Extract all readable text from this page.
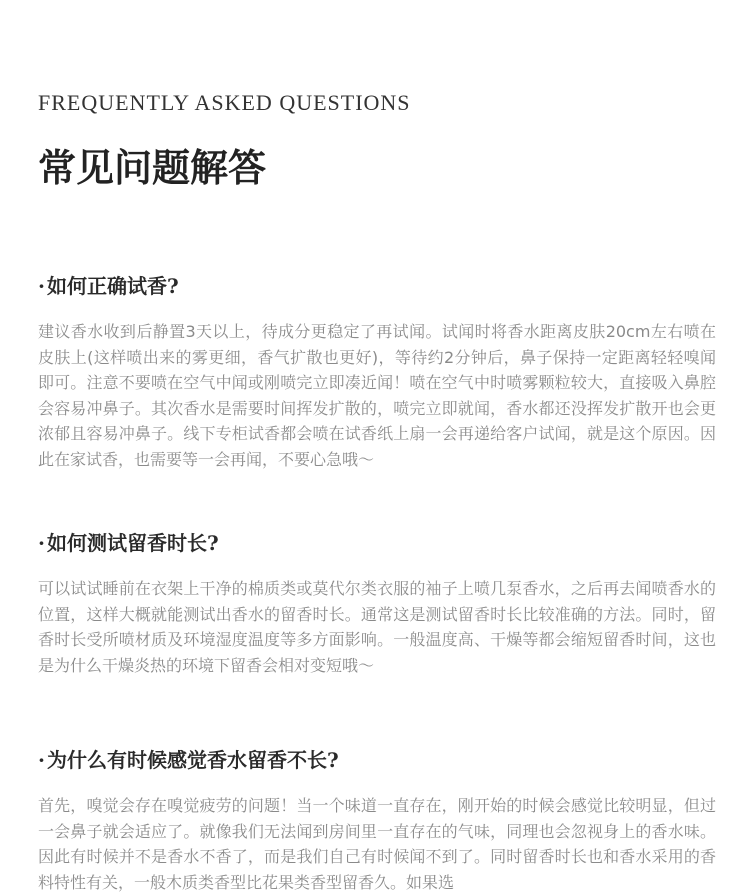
FREQUENTLY ASKED QUESTIONS
常见问题解答
· 如何正确试香?

建议香水收到后静置3天以上，待成分更稳定了再试闻。试闻时将香水距离皮肤20cm左右喷在皮肤上(这样喷出来的雾更细，香气扩散也更好)，等待约2分钟后，鼻子保持一定距离轻轻嗅闻即可。注意不要喷在空气中闻或刚喷完立即凑近闻！喷在空气中时喷雾颗粒较大，直接吸入鼻腔会容易冲鼻子。其次香水是需要时间挥发扩散的，喷完立即就闻，香水都还没挥发扩散开也会更浓郁且容易冲鼻子。线下专柜试香都会喷在试香纸上扇一会再递给客户试闻，就是这个原因。因此在家试香，也需要等一会再闻，不要心急哦～

· 如何测试留香时长?

可以试试睡前在衣架上干净的棉质类或莫代尔类衣服的袖子上喷几泵香水，之后再去闻喷香水的位置，这样大概就能测试出香水的留香时长。通常这是测试留香时长比较准确的方法。同时，留香时长受所喷材质及环境湿度温度等多方面影响。一般温度高、干燥等都会缩短留香时间，这也是为什么干燥炎热的环境下留香会相对变短哦～

· 为什么有时候感觉香水留香不长?

首先，嗅觉会存在嗅觉疲劳的问题！当一个味道一直存在，刚开始的时候会感觉比较明显，但过一会鼻子就会适应了。就像我们无法闻到房间里一直存在的气味，同理也会忽视身上的香水味。因此有时候并不是香水不香了，而是我们自己有时候闻不到了。同时留香时长也和香水采用的香料特性有关，一般木质类香型比花果类香型留香久。如果选
